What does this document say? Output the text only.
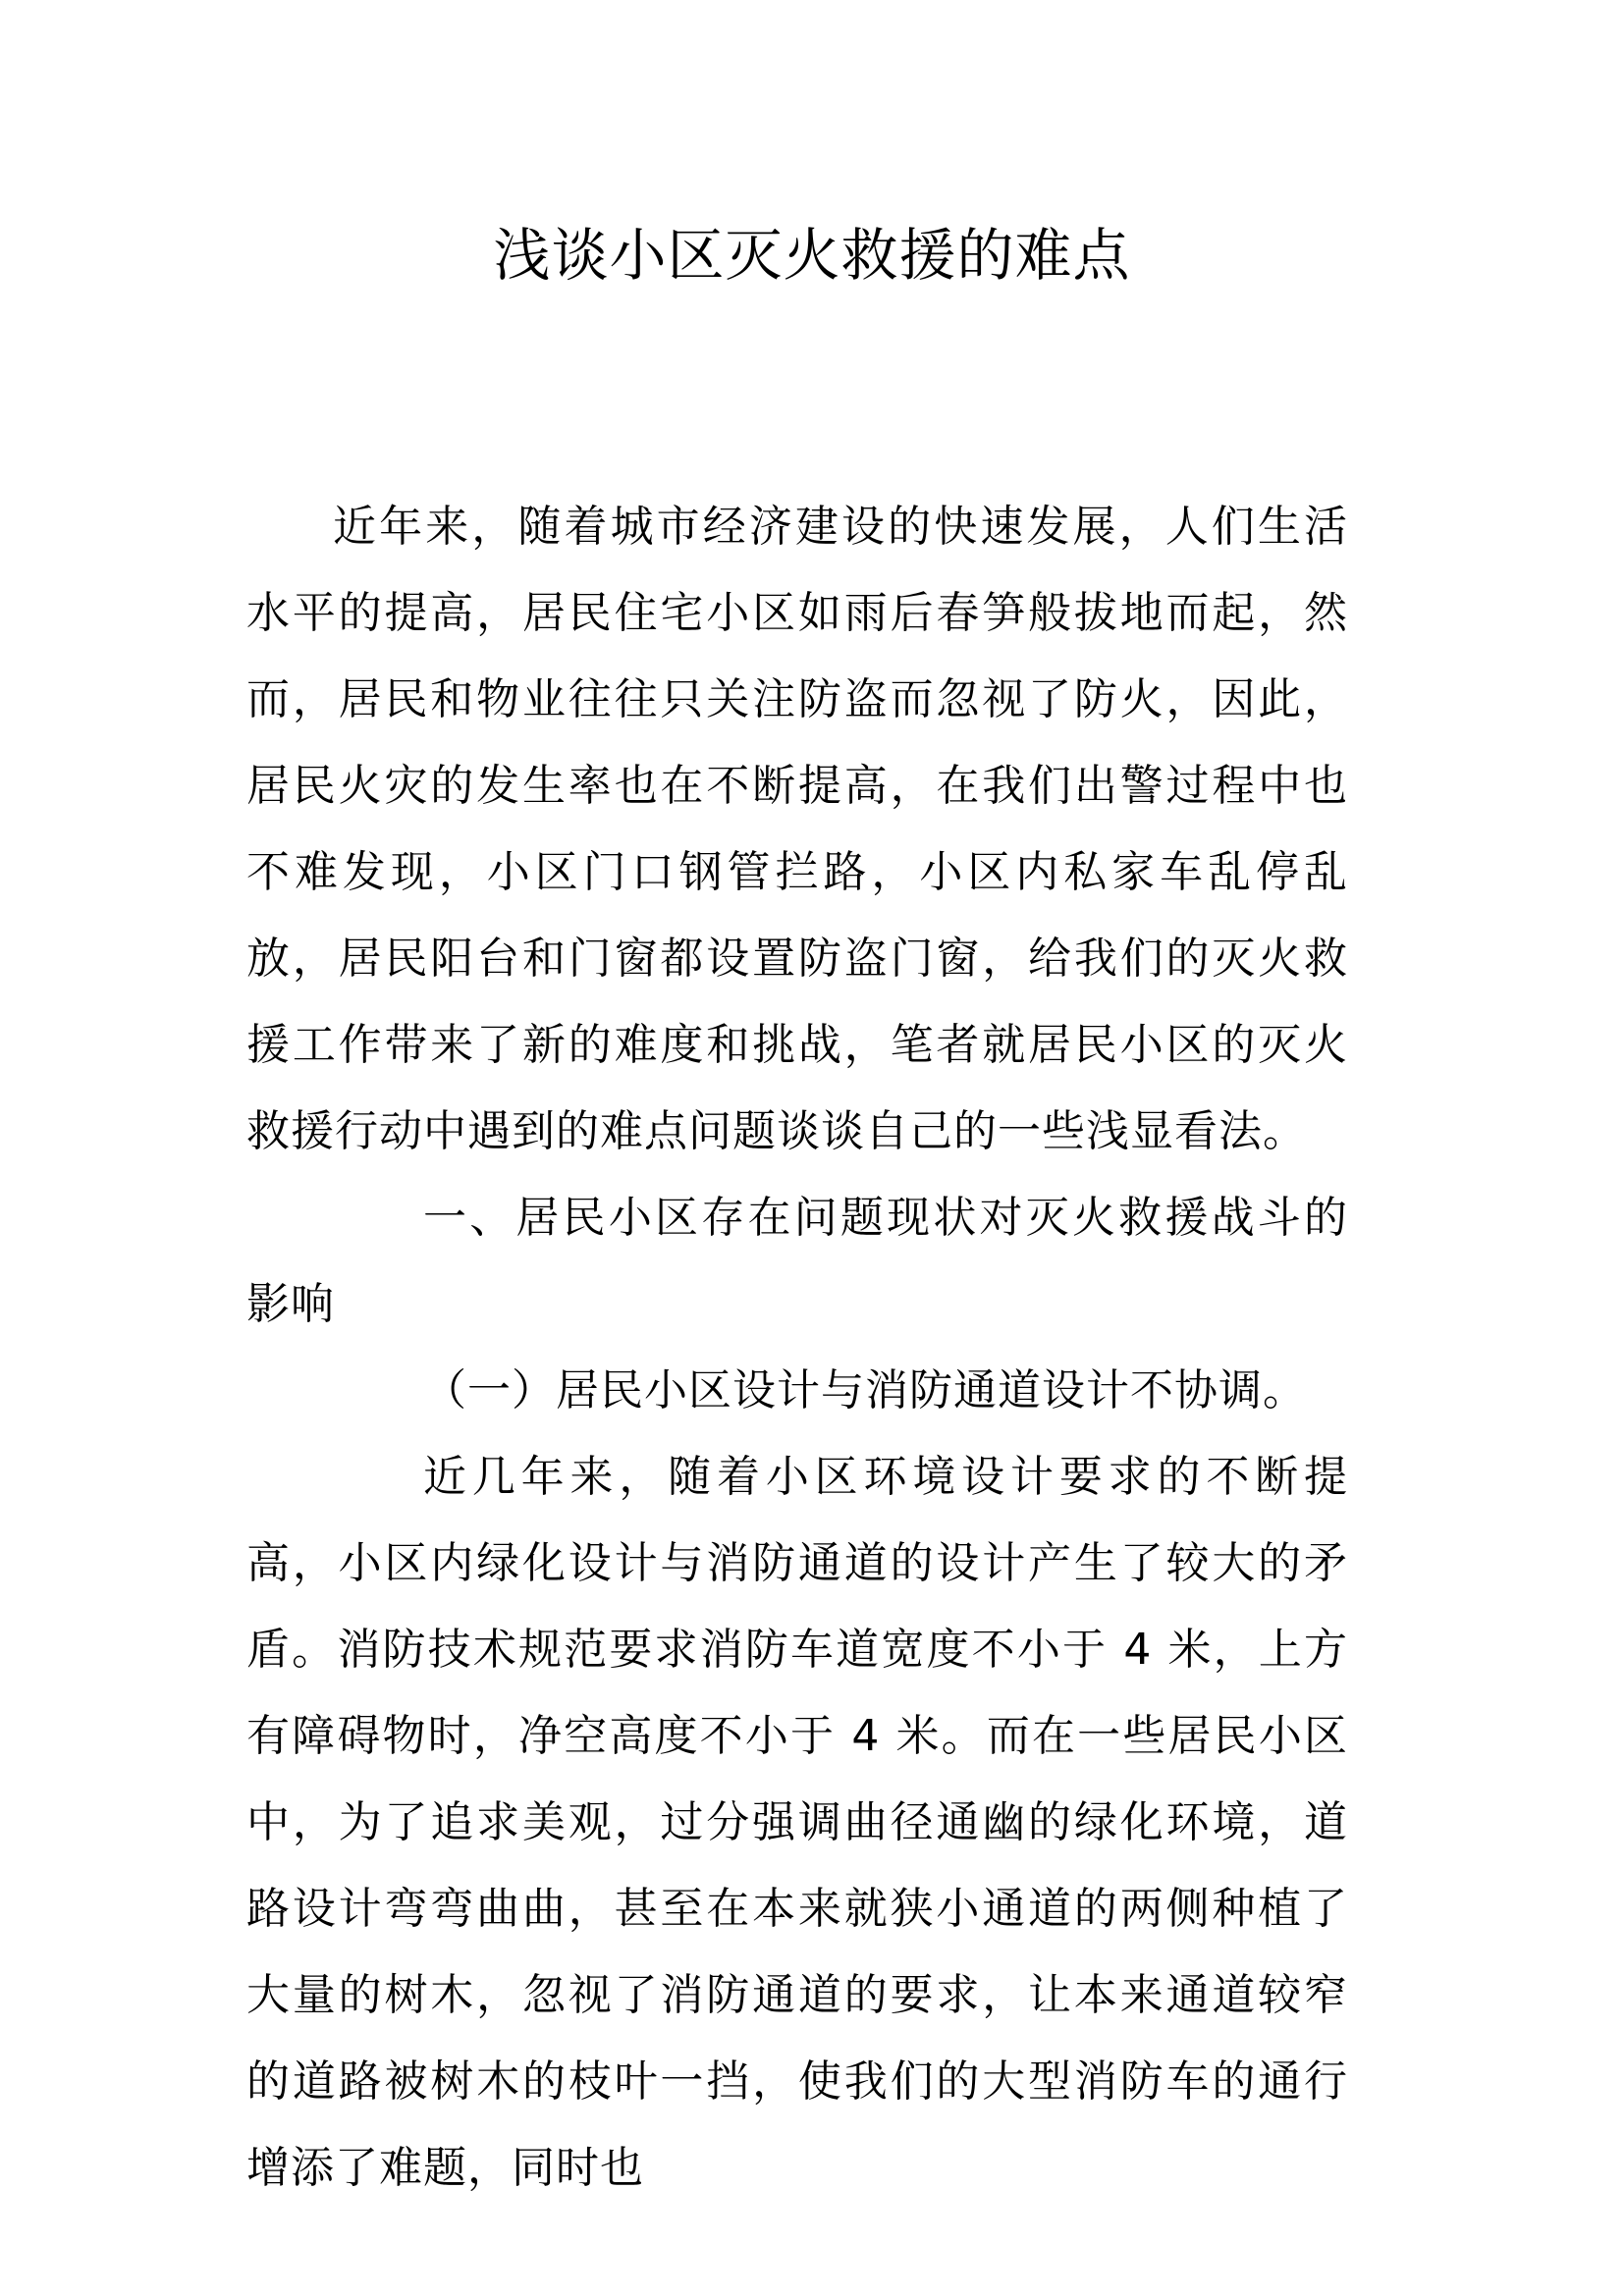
浅谈小区灭火救援的难点

近年来，随着城市经济建设的快速发展，人们生活水平的提高，居民住宅小区如雨后春笋般拔地而起，然而，居民和物业往往只关注防盗而忽视了防火，因此，居民火灾的发生率也在不断提高，在我们出警过程中也不难发现，小区门口钢管拦路，小区内私家车乱停乱放，居民阳台和门窗都设置防盗门窗，给我们的灭火救援工作带来了新的难度和挑战，笔者就居民小区的灭火救援行动中遇到的难点问题谈谈自己的一些浅显看法。

一、居民小区存在问题现状对灭火救援战斗的影响

（一）居民小区设计与消防通道设计不协调。

近几年来，随着小区环境设计要求的不断提高，小区内绿化设计与消防通道的设计产生了较大的矛盾。消防技术规范要求消防车道宽度不小于 4 米，上方有障碍物时，净空高度不小于 4 米。而在一些居民小区中，为了追求美观，过分强调曲径通幽的绿化环境，道路设计弯弯曲曲，甚至在本来就狭小通道的两侧种植了大量的树木，忽视了消防通道的要求，让本来通道较窄的道路被树木的枝叶一挡，使我们的大型消防车的通行增添了难题，同时也
